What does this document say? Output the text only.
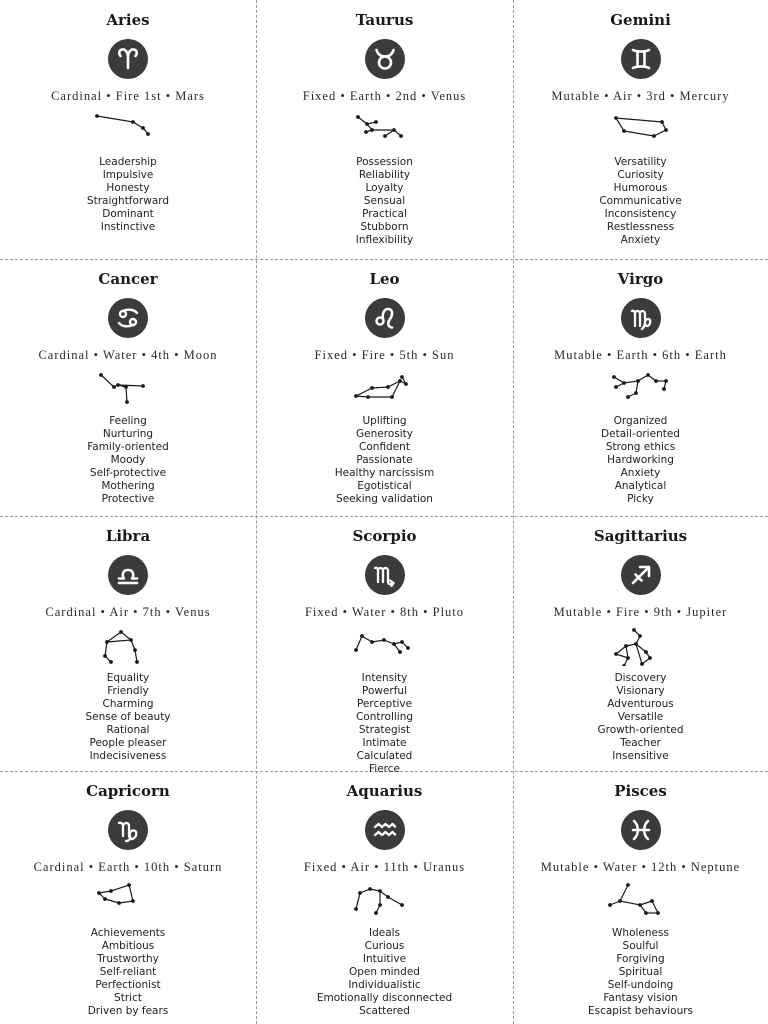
Aries
Cardinal • Fire 1st • Mars
Leadership
Impulsive
Honesty
Straightforward
Dominant
Instinctive
Taurus
Fixed • Earth • 2nd • Venus
Possession
Reliability
Loyalty
Sensual
Practical
Stubborn
Inflexibility
Gemini
Mutable • Air • 3rd • Mercury
Versatility
Curiosity
Humorous
Communicative
Inconsistency
Restlessness
Anxiety
Cancer
Cardinal • Water • 4th • Moon
Feeling
Nurturing
Family-oriented
Moody
Self-protective
Mothering
Protective
Leo
Fixed • Fire • 5th • Sun
Uplifting
Generosity
Confident
Passionate
Healthy narcissism
Egotistical
Seeking validation
Virgo
Mutable • Earth • 6th • Earth
Organized
Detail-oriented
Strong ethics
Hardworking
Anxiety
Analytical
Picky
Libra
Cardinal • Air • 7th • Venus
Equality
Friendly
Charming
Sense of beauty
Rational
People pleaser
Indecisiveness
Scorpio
Fixed • Water • 8th • Pluto
Intensity
Powerful
Perceptive
Controlling
Strategist
Intimate
Calculated
Fierce
Sagittarius
Mutable • Fire • 9th • Jupiter
Discovery
Visionary
Adventurous
Versatile
Growth-oriented
Teacher
Insensitive
Capricorn
Cardinal • Earth • 10th • Saturn
Achievements
Ambitious
Trustworthy
Self-reliant
Perfectionist
Strict
Driven by fears
Aquarius
Fixed • Air • 11th • Uranus
Ideals
Curious
Intuitive
Open minded
Individualistic
Emotionally disconnected
Scattered
Pisces
Mutable • Water • 12th • Neptune
Wholeness
Soulful
Forgiving
Spiritual
Self-undoing
Fantasy vision
Escapist behaviours
